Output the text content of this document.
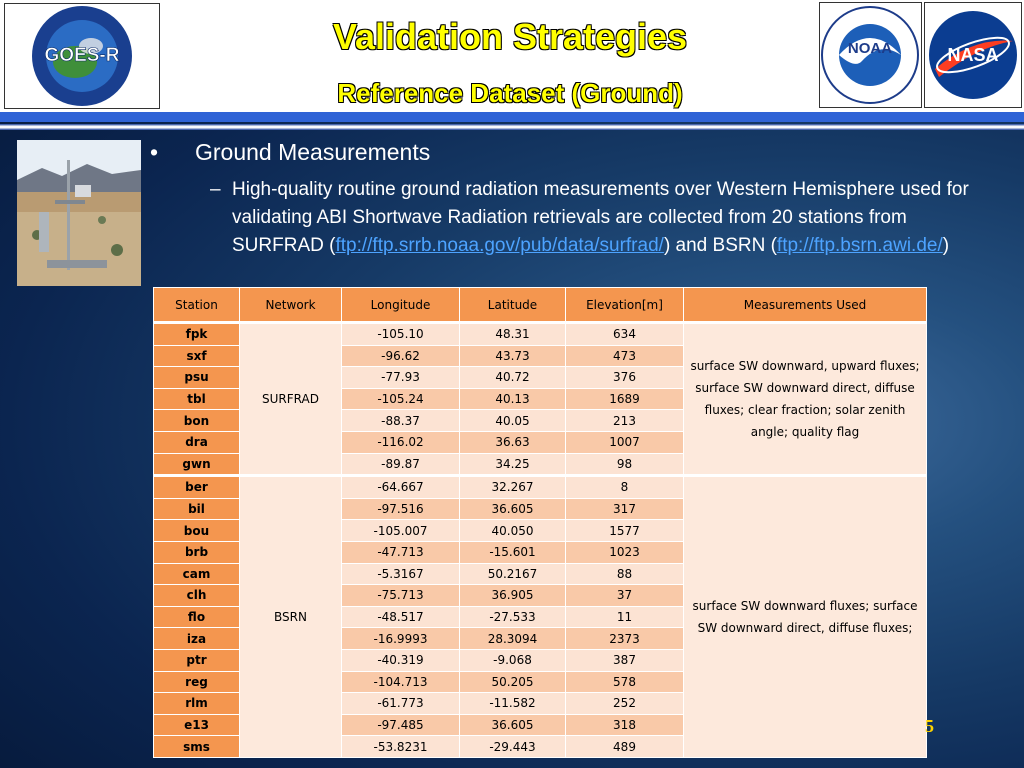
GOES-R	NOAA	NASA
Validation Strategies
Reference Dataset (Ground)
• Ground Measurements
– High-quality routine ground radiation measurements over Western Hemisphere used for validating ABI Shortwave Radiation retrievals are collected from 20 stations from SURFRAD (ftp://ftp.srrb.noaa.gov/pub/data/surfrad/) and BSRN (ftp://ftp.bsrn.awi.de/)
Station	Network	Longitude	Latitude	Elevation[m]	Measurements Used
fpk	SURFRAD	-105.10	48.31	634	surface SW downward, upward fluxes; surface SW downward direct, diffuse fluxes; clear fraction; solar zenith angle; quality flag
sxf		-96.62	43.73	473	
psu		-77.93	40.72	376	
tbl		-105.24	40.13	1689	
bon		-88.37	40.05	213	
dra		-116.02	36.63	1007	
gwn		-89.87	34.25	98	
ber	BSRN	-64.667	32.267	8	surface SW downward fluxes; surface SW downward direct, diffuse fluxes;
bil		-97.516	36.605	317	
bou		-105.007	40.050	1577	
brb		-47.713	-15.601	1023	
cam		-5.3167	50.2167	88	
clh		-75.713	36.905	37	
flo		-48.517	-27.533	11	
iza		-16.9993	28.3094	2373	
ptr		-40.319	-9.068	387	
reg		-104.713	50.205	578	
rlm		-61.773	-11.582	252	
e13		-97.485	36.605	318	
sms		-53.8231	-29.443	489	
5
